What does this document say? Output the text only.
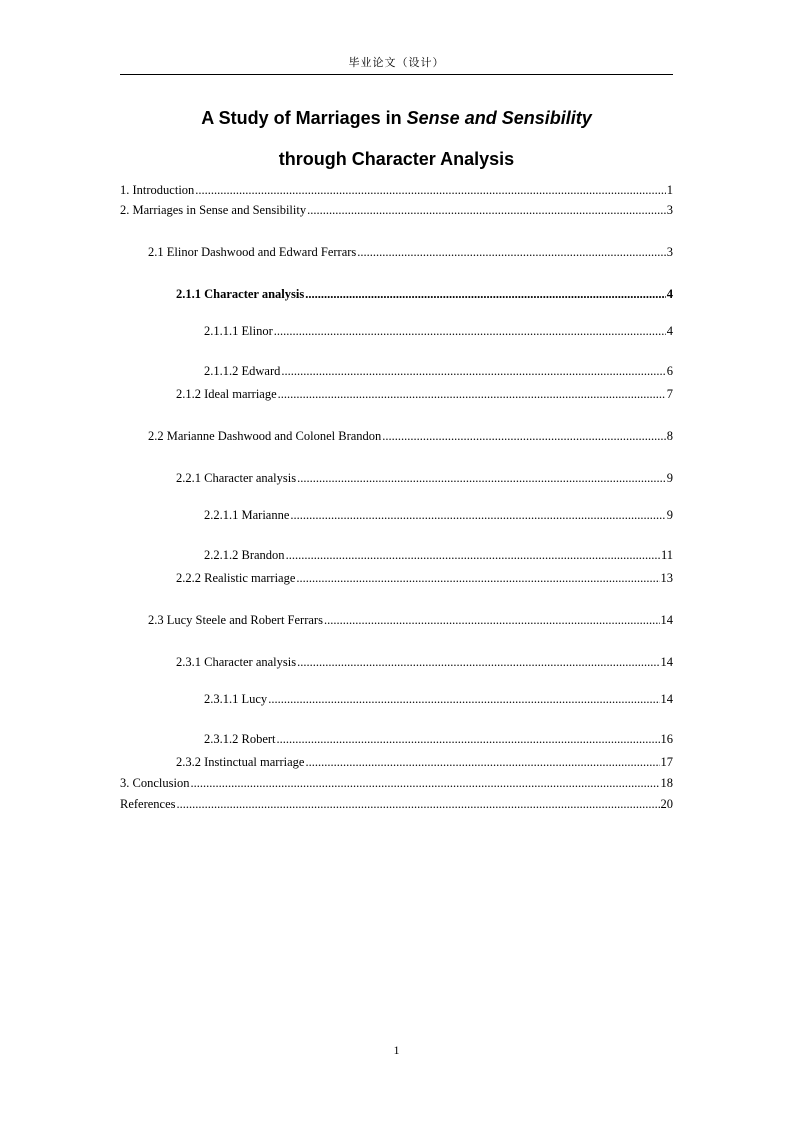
毕业论文（设计）
A Study of Marriages in Sense and Sensibility
through Character Analysis
1. Introduction .....	1
2. Marriages in Sense and Sensibility .....	3
2.1 Elinor Dashwood and Edward Ferrars .....	3
2.1.1 Character analysis .....	4
2.1.1.1 Elinor .....	4
2.1.1.2 Edward .....	6
2.1.2 Ideal marriage .....	7
2.2 Marianne Dashwood and Colonel Brandon .....	8
2.2.1 Character analysis .....	9
2.2.1.1 Marianne .....	9
2.2.1.2 Brandon .....	11
2.2.2 Realistic marriage .....	13
2.3 Lucy Steele and Robert Ferrars .....	14
2.3.1 Character analysis .....	14
2.3.1.1 Lucy .....	14
2.3.1.2 Robert .....	16
2.3.2 Instinctual marriage .....	17
3. Conclusion .....	18
References .....	20
1
